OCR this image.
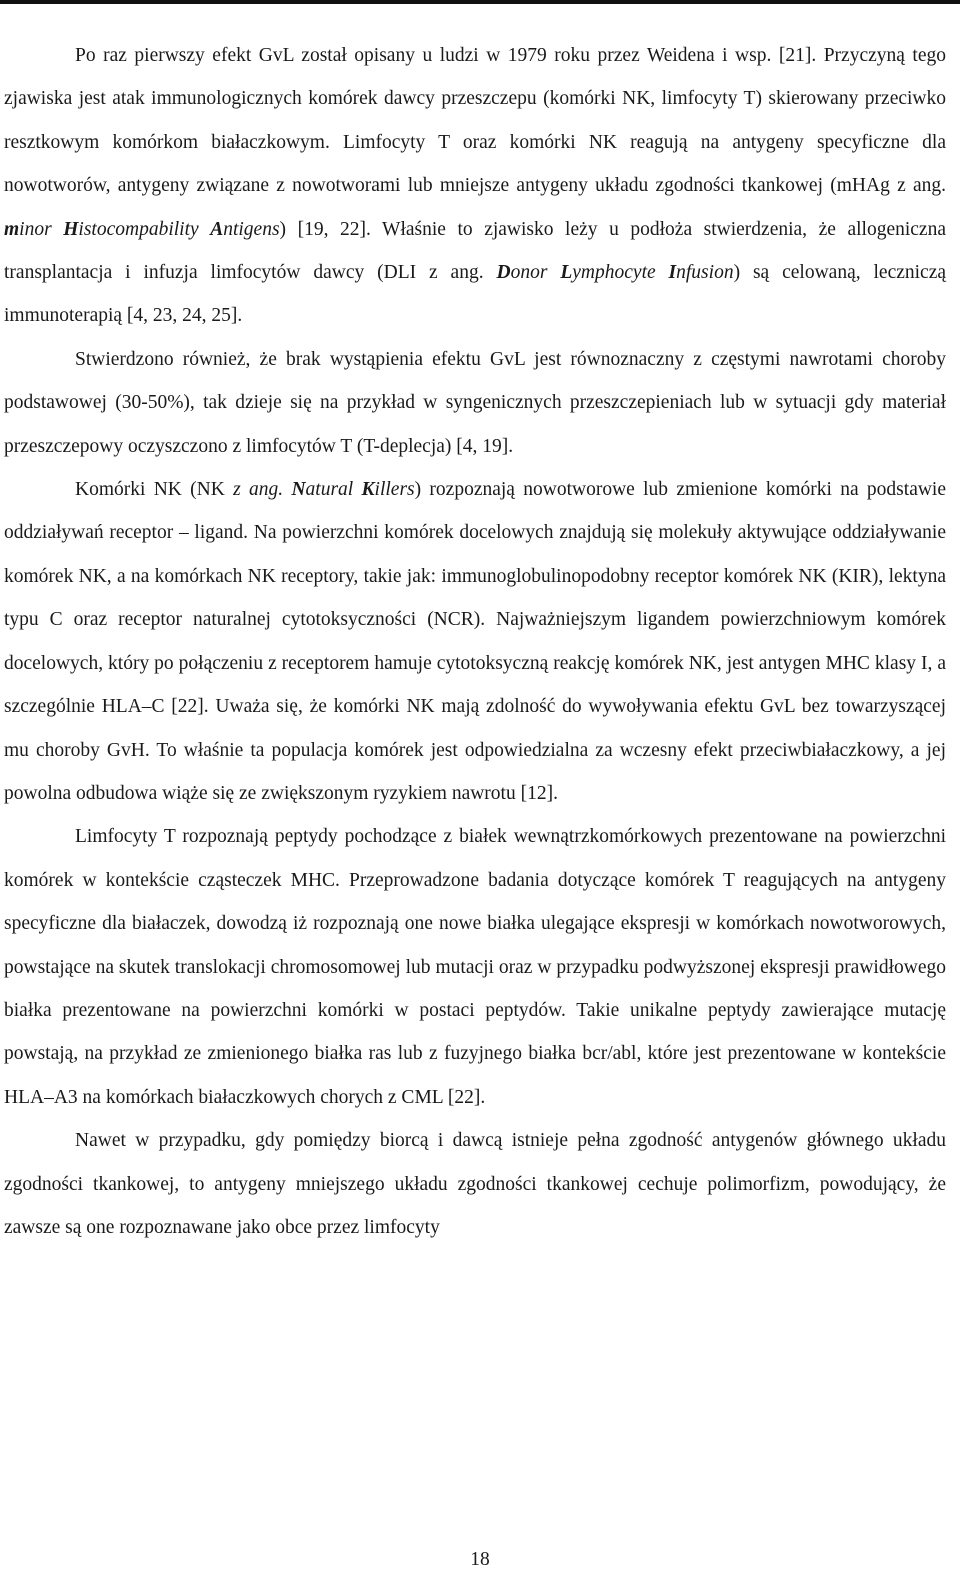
Po raz pierwszy efekt GvL został opisany u ludzi w 1979 roku przez Weidena i wsp. [21]. Przyczyną tego zjawiska jest atak immunologicznych komórek dawcy przeszczepu (komórki NK, limfocyty T) skierowany przeciwko resztkowym komórkom białaczkowym. Limfocyty T oraz komórki NK reagują na antygeny specyficzne dla nowotworów, antygeny związane z nowotworami lub mniejsze antygeny układu zgodności tkankowej (mHAg z ang. minor Histocompability Antigens) [19, 22]. Właśnie to zjawisko leży u podłoża stwierdzenia, że allogeniczna transplantacja i infuzja limfocytów dawcy (DLI z ang. Donor Lymphocyte Infusion) są celowaną, leczniczą immunoterapią [4, 23, 24, 25].

Stwierdzono również, że brak wystąpienia efektu GvL jest równoznaczny z częstymi nawrotami choroby podstawowej (30-50%), tak dzieje się na przykład w syngenicznych przeszczepieniach lub w sytuacji gdy materiał przeszczepowy oczyszczono z limfocytów T (T-deplecja) [4, 19].

Komórki NK (NK z ang. Natural Killers) rozpoznają nowotworowe lub zmienione komórki na podstawie oddziaływań receptor – ligand. Na powierzchni komórek docelowych znajdują się molekuły aktywujące oddziaływanie komórek NK, a na komórkach NK receptory, takie jak: immunoglobulinopodobny receptor komórek NK (KIR), lektyna typu C oraz receptor naturalnej cytotoksyczności (NCR). Najważniejszym ligandem powierzchniowym komórek docelowych, który po połączeniu z receptorem hamuje cytotoksyczną reakcję komórek NK, jest antygen MHC klasy I, a szczególnie HLA–C [22]. Uważa się, że komórki NK mają zdolność do wywoływania efektu GvL bez towarzyszącej mu choroby GvH. To właśnie ta populacja komórek jest odpowiedzialna za wczesny efekt przeciwbiałaczkowy, a jej powolna odbudowa wiąże się ze zwiększonym ryzykiem nawrotu [12].

Limfocyty T rozpoznają peptydy pochodzące z białek wewnątrzkomórkowych prezentowane na powierzchni komórek w kontekście cząsteczek MHC. Przeprowadzone badania dotyczące komórek T reagujących na antygeny specyficzne dla białaczek, dowodzą iż rozpoznają one nowe białka ulegające ekspresji w komórkach nowotworowych, powstające na skutek translokacji chromosomowej lub mutacji oraz w przypadku podwyższonej ekspresji prawidłowego białka prezentowane na powierzchni komórki w postaci peptydów. Takie unikalne peptydy zawierające mutację powstają, na przykład ze zmienionego białka ras lub z fuzyjnego białka bcr/abl, które jest prezentowane w kontekście HLA–A3 na komórkach białaczkowych chorych z CML [22].

Nawet w przypadku, gdy pomiędzy biorcą i dawcą istnieje pełna zgodność antygenów głównego układu zgodności tkankowej, to antygeny mniejszego układu zgodności tkankowej cechuje polimorfizm, powodujący, że zawsze są one rozpoznawane jako obce przez limfocyty

18
